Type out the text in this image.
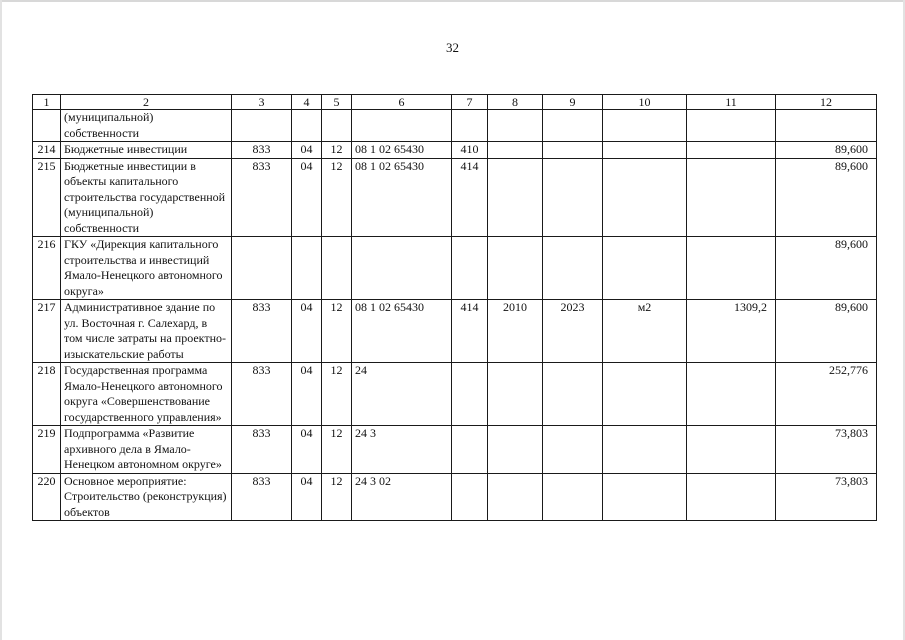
32
1	2	3	4	5	6	7	8	9	10	11	12
	(муниципальной) собственности										
214	Бюджетные инвестиции	833	04	12	08 1 02 65430	410					89,600
215	Бюджетные инвестиции в объекты капитального строительства государственной (муниципальной) собственности	833	04	12	08 1 02 65430	414					89,600
216	ГКУ «Дирекция капитального строительства и инвестиций Ямало-Ненецкого автономного округа»										89,600
217	Административное здание по ул. Восточная г. Салехард, в том числе затраты на проектно-изыскательские работы	833	04	12	08 1 02 65430	414	2010	2023	м2	1309,2	89,600
218	Государственная программа Ямало-Ненецкого автономного округа «Совершенствование государственного управления»	833	04	12	24						252,776
219	Подпрограмма «Развитие архивного дела в Ямало-Ненецком автономном округе»	833	04	12	24 3						73,803
220	Основное мероприятие: Строительство (реконструкция) объектов	833	04	12	24 3 02						73,803
